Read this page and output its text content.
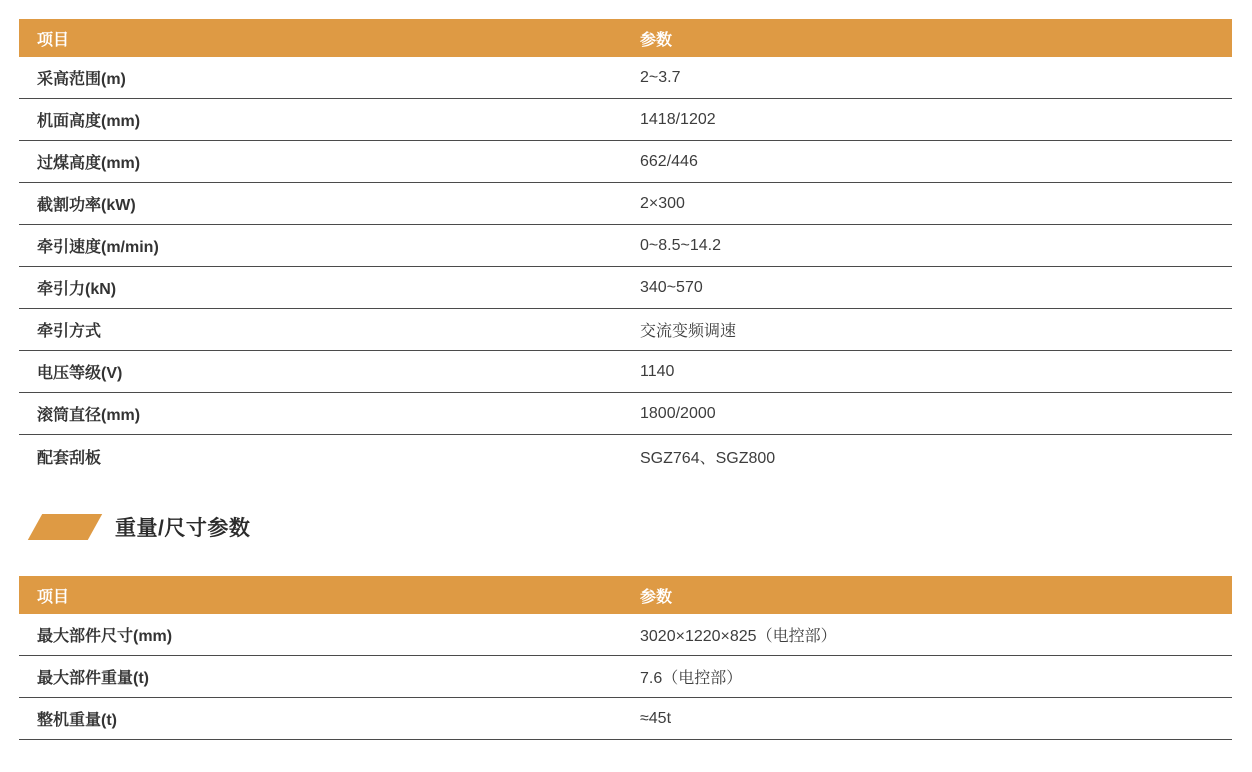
项目	参数
采高范围(m)	2~3.7
机面高度(mm)	1418/1202
过煤高度(mm)	662/446
截割功率(kW)	2×300
牵引速度(m/min)	0~8.5~14.2
牵引力(kN)	340~570
牵引方式	交流变频调速
电压等级(V)	1140
滚筒直径(mm)	1800/2000
配套刮板	SGZ764、SGZ800
重量/尺寸参数
项目	参数
最大部件尺寸(mm)	3020×1220×825（电控部）
最大部件重量(t)	7.6（电控部）
整机重量(t)	≈45t
